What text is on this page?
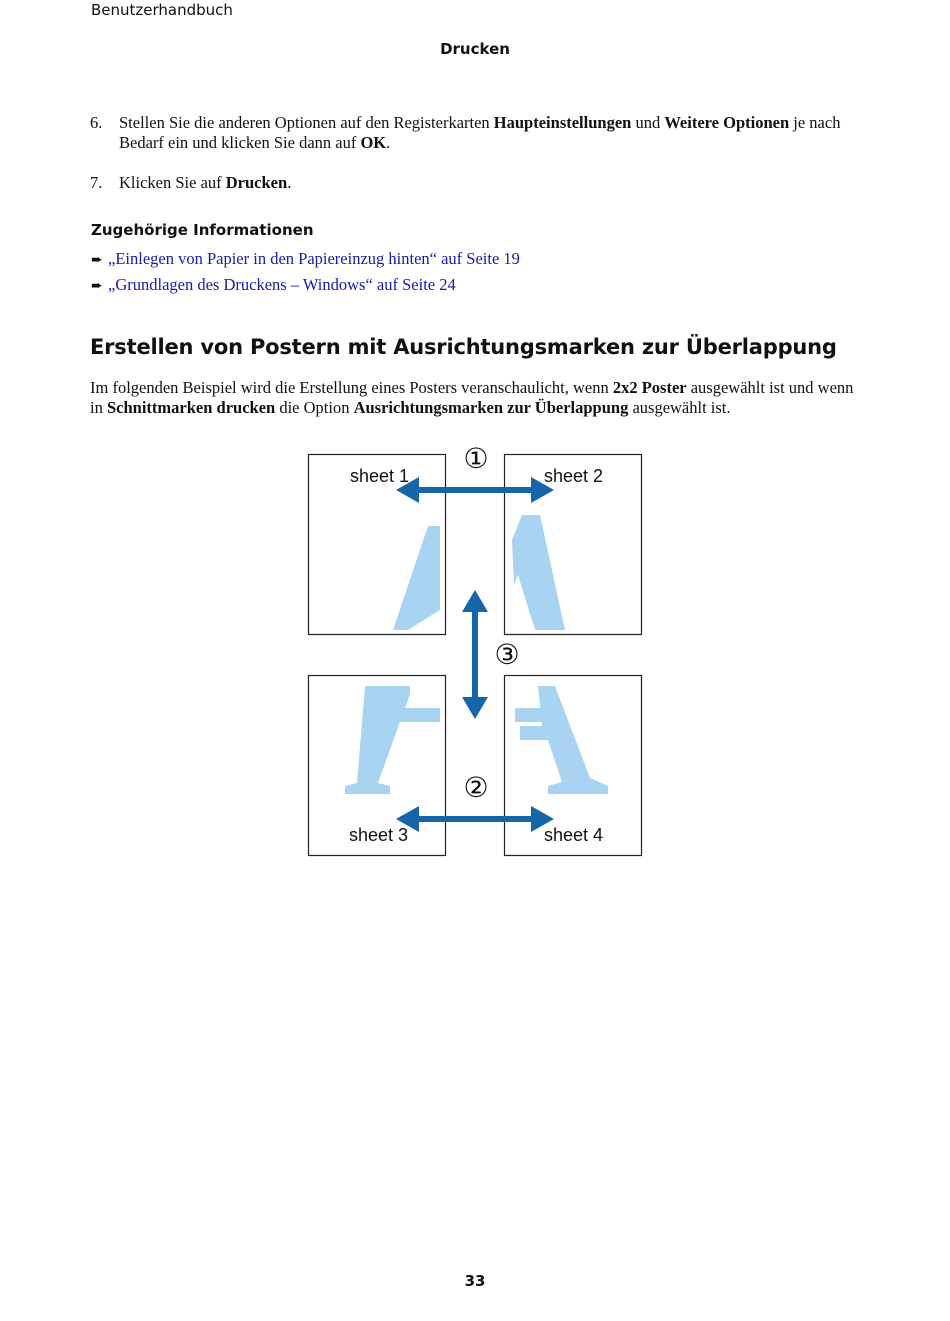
Benutzerhandbuch
Drucken
6. Stellen Sie die anderen Optionen auf den Registerkarten Haupteinstellungen und Weitere Optionen je nach Bedarf ein und klicken Sie dann auf OK.
7. Klicken Sie auf Drucken.
Zugehörige Informationen
➨ „Einlegen von Papier in den Papiereinzug hinten“ auf Seite 19
➨ „Grundlagen des Druckens – Windows“ auf Seite 24
Erstellen von Postern mit Ausrichtungsmarken zur Überlappung
Im folgenden Beispiel wird die Erstellung eines Posters veranschaulicht, wenn 2x2 Poster ausgewählt ist und wenn in Schnittmarken drucken die Option Ausrichtungsmarken zur Überlappung ausgewählt ist.
sheet 1	sheet 2
sheet 3	sheet 4
①
②
③
33
